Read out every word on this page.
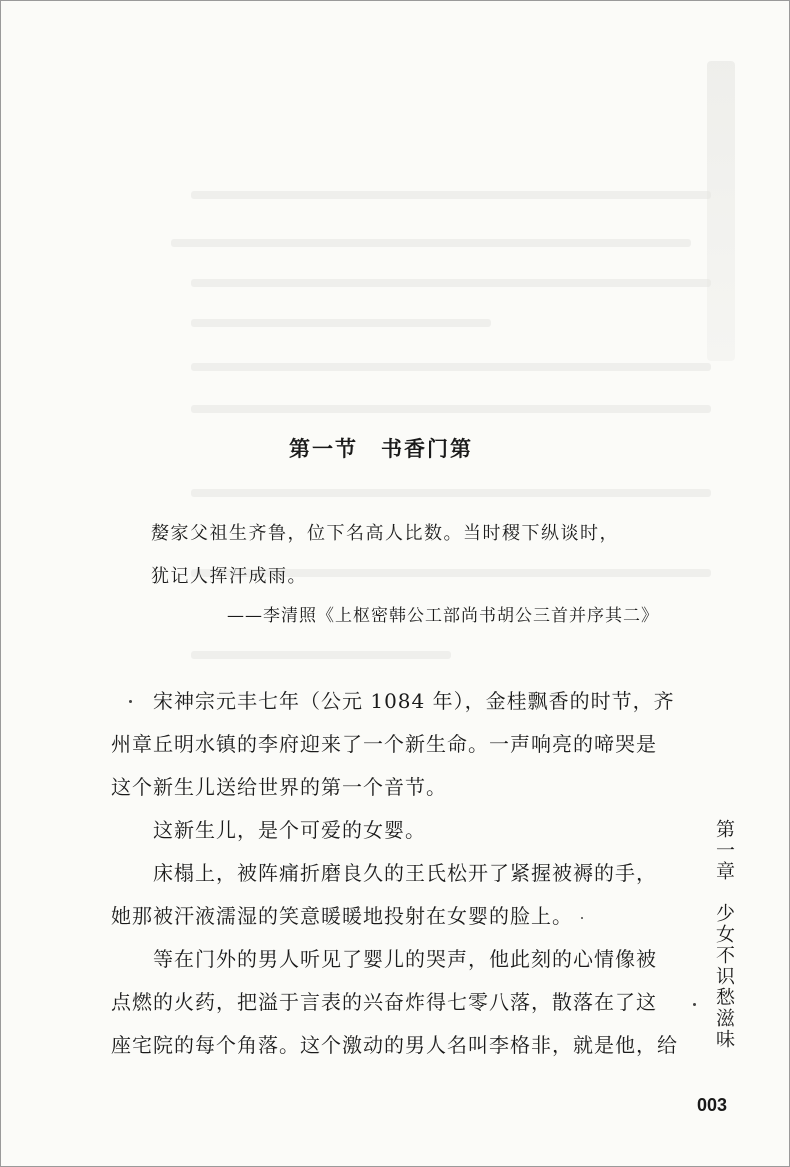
第一节　书香门第
嫠家父祖生齐鲁，位下名高人比数。当时稷下纵谈时，
犹记人挥汗成雨。
——李清照《上枢密韩公工部尚书胡公三首并序其二》
宋神宗元丰七年（公元 1084 年），金桂飘香的时节，齐
州章丘明水镇的李府迎来了一个新生命。一声响亮的啼哭是
这个新生儿送给世界的第一个音节。
这新生儿，是个可爱的女婴。
床榻上，被阵痛折磨良久的王氏松开了紧握被褥的手，
她那被汗液濡湿的笑意暖暖地投射在女婴的脸上。
等在门外的男人听见了婴儿的哭声，他此刻的心情像被
点燃的火药，把溢于言表的兴奋炸得七零八落，散落在了这
座宅院的每个角落。这个激动的男人名叫李格非，就是他，给	第一章　少女不识愁滋味
003
